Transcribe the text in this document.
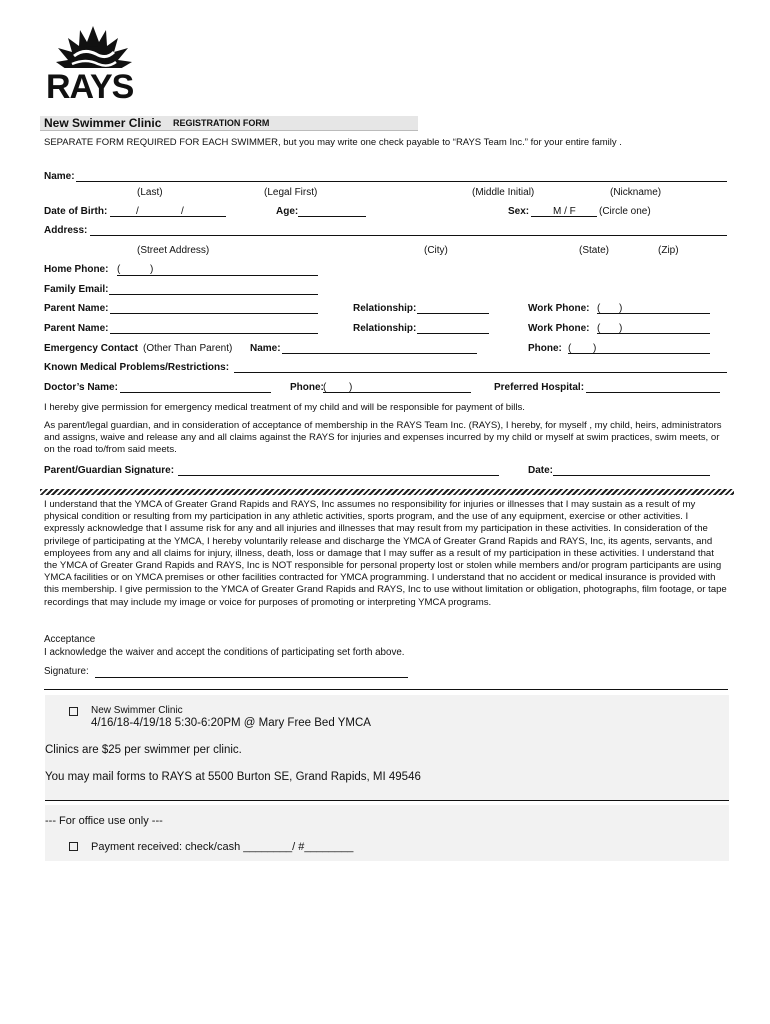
RAYS
New Swimmer Clinic REGISTRATION FORM
SEPARATE FORM REQUIRED FOR EACH SWIMMER, but you may write one check payable to “RAYS Team Inc.” for your entire family .
Name:
(Last)	(Legal First)	(Middle Initial)	(Nickname)
Date of Birth:	/	/	Age:	Sex: M / F (Circle one)
Address:
(Street Address)	(City)	(State)	(Zip)
Home Phone: (	)
Family Email:
Parent Name:	Relationship:	Work Phone: ( )
Parent Name:	Relationship:	Work Phone: ( )
Emergency Contact (Other Than Parent) Name:	Phone: ( )
Known Medical Problems/Restrictions:
Doctor’s Name:	Phone: ( )	Preferred Hospital:
I hereby give permission for emergency medical treatment of my child and will be responsible for payment of bills.
As parent/legal guardian, and in consideration of acceptance of membership in the RAYS Team Inc. (RAYS), I hereby, for myself , my child, heirs, administrators and assigns, waive and release any and all claims against the RAYS for injuries and expenses incurred by my child or myself at swim practices, swim meets, or on the road to/from said meets.
Parent/Guardian Signature:	Date:
I understand that the YMCA of Greater Grand Rapids and RAYS, Inc assumes no responsibility for injuries or illnesses that I may sustain as a result of my physical condition or resulting from my participation in any athletic activities, sports program, and the use of any equipment, exercise or other activities. I expressly acknowledge that I assume risk for any and all injuries and illnesses that may result from my participation in these activities. In consideration of the privilege of participating at the YMCA, I hereby voluntarily release and discharge the YMCA of Greater Grand Rapids and RAYS, Inc, its agents, servants, and employees from any and all claims for injury, illness, death, loss or damage that I may suffer as a result of my participation in these activities. I understand that the YMCA of Greater Grand Rapids and RAYS, Inc is NOT responsible for personal property lost or stolen while members and/or program participants are using YMCA facilities or on YMCA premises or other facilities contracted for YMCA programming. I understand that no accident or medical insurance is provided with this membership. I give permission to the YMCA of Greater Grand Rapids and RAYS, Inc to use without limitation or obligation, photographs, film footage, or tape recordings that may include my image or voice for purposes of promoting or interpreting YMCA programs.
Acceptance
I acknowledge the waiver and accept the conditions of participating set forth above.
Signature:
New Swimmer Clinic
4/16/18-4/19/18 5:30-6:20PM @ Mary Free Bed YMCA
Clinics are $25 per swimmer per clinic.
You may mail forms to RAYS at 5500 Burton SE, Grand Rapids, MI 49546
--- For office use only ---
Payment received: check/cash ________/ #________
